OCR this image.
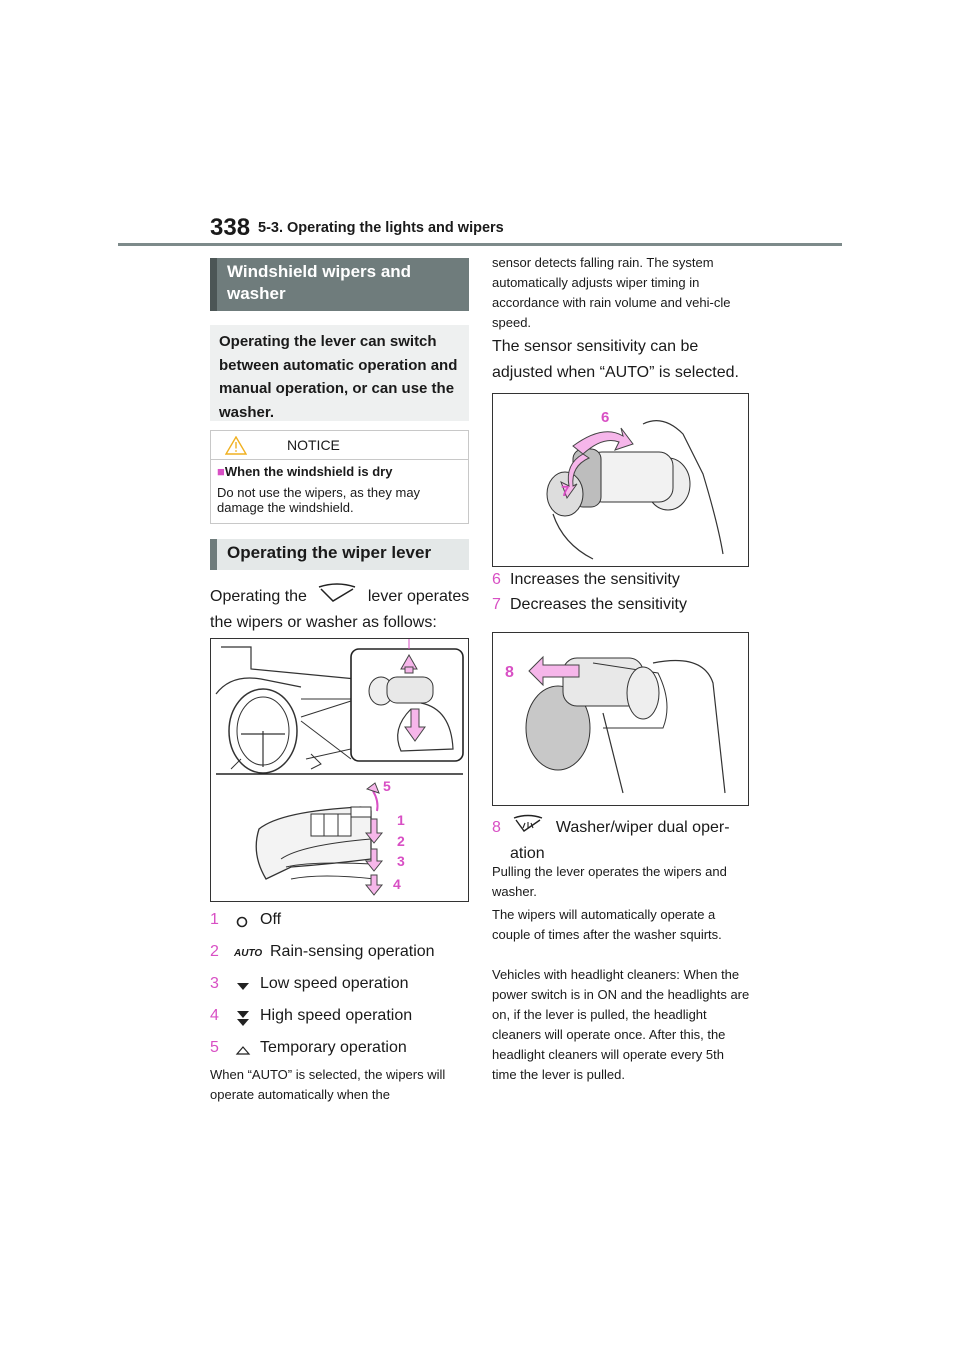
338 5-3. Operating the lights and wipers
Windshield wipers and washer
Operating the lever can switch between automatic operation and manual operation, or can use the washer.
NOTICE
■When the windshield is dry
Do not use the wipers, as they may damage the windshield.
Operating the wiper lever
Operating the	lever operates
the wipers or washer as follows:
5
1
2
3
4
1	Off
2 AUTO Rain-sensing operation
3	Low speed operation
4	High speed operation
5	Temporary operation
When “AUTO” is selected, the wipers will operate automatically when the
sensor detects falling rain. The system automatically adjusts wiper timing in accordance with rain volume and vehi-cle speed.
The sensor sensitivity can be adjusted when “AUTO” is selected.
6
7
6 Increases the sensitivity
7 Decreases the sensitivity
8
8	Washer/wiper dual oper-
ation
Pulling the lever operates the wipers and washer.
The wipers will automatically operate a couple of times after the washer squirts.
Vehicles with headlight cleaners: When the power switch is in ON and the headlights are on, if the lever is pulled, the headlight cleaners will operate once. After this, the headlight cleaners will operate every 5th time the lever is pulled.
